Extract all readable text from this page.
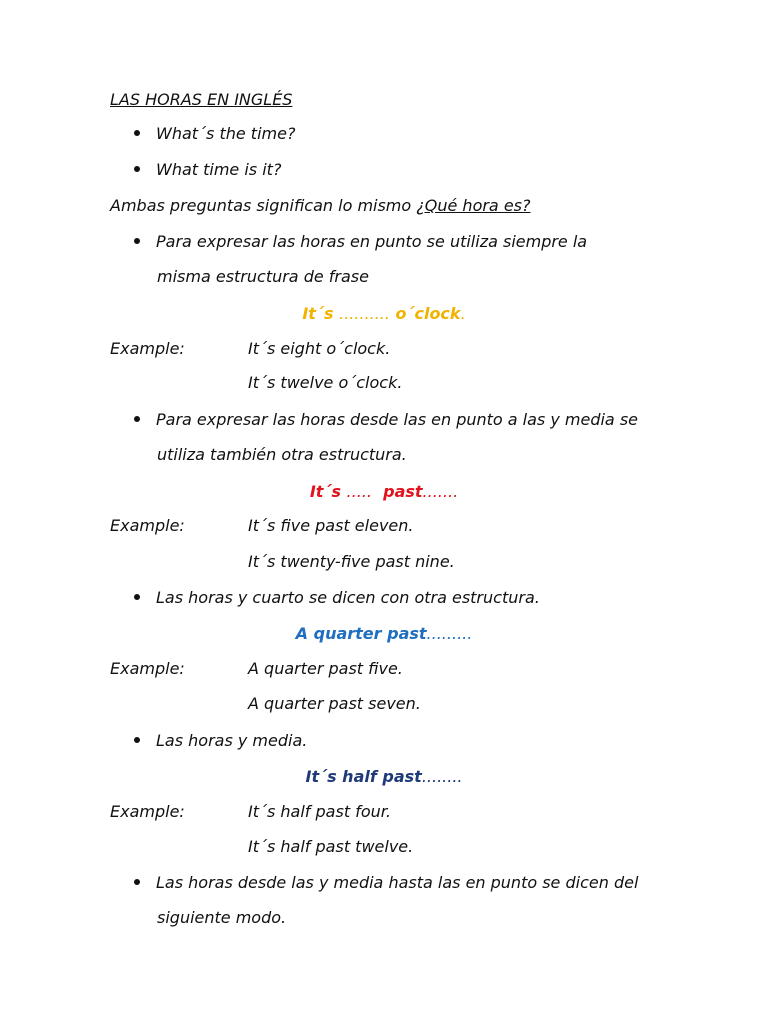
LAS HORAS EN INGLÉS
What´s the time?
What time is it?
Ambas preguntas significan lo mismo ¿Qué hora es?
Para expresar las horas en punto se utiliza siempre la
misma estructura de frase
It´s .......... o´clock.
Example:	It´s eight o´clock.
It´s twelve o´clock.
Para expresar las horas desde las en punto a las y media se
utiliza también otra estructura.
It´s .....  past.......
Example:	It´s five past eleven.
It´s twenty-five past nine.
Las horas y cuarto se dicen con otra estructura.
A quarter past.........
Example:	A quarter past five.
A quarter past seven.
Las horas y media.
It´s half past........
Example:	It´s half past four.
It´s half past twelve.
Las horas desde las y media hasta las en punto se dicen del
siguiente modo.
